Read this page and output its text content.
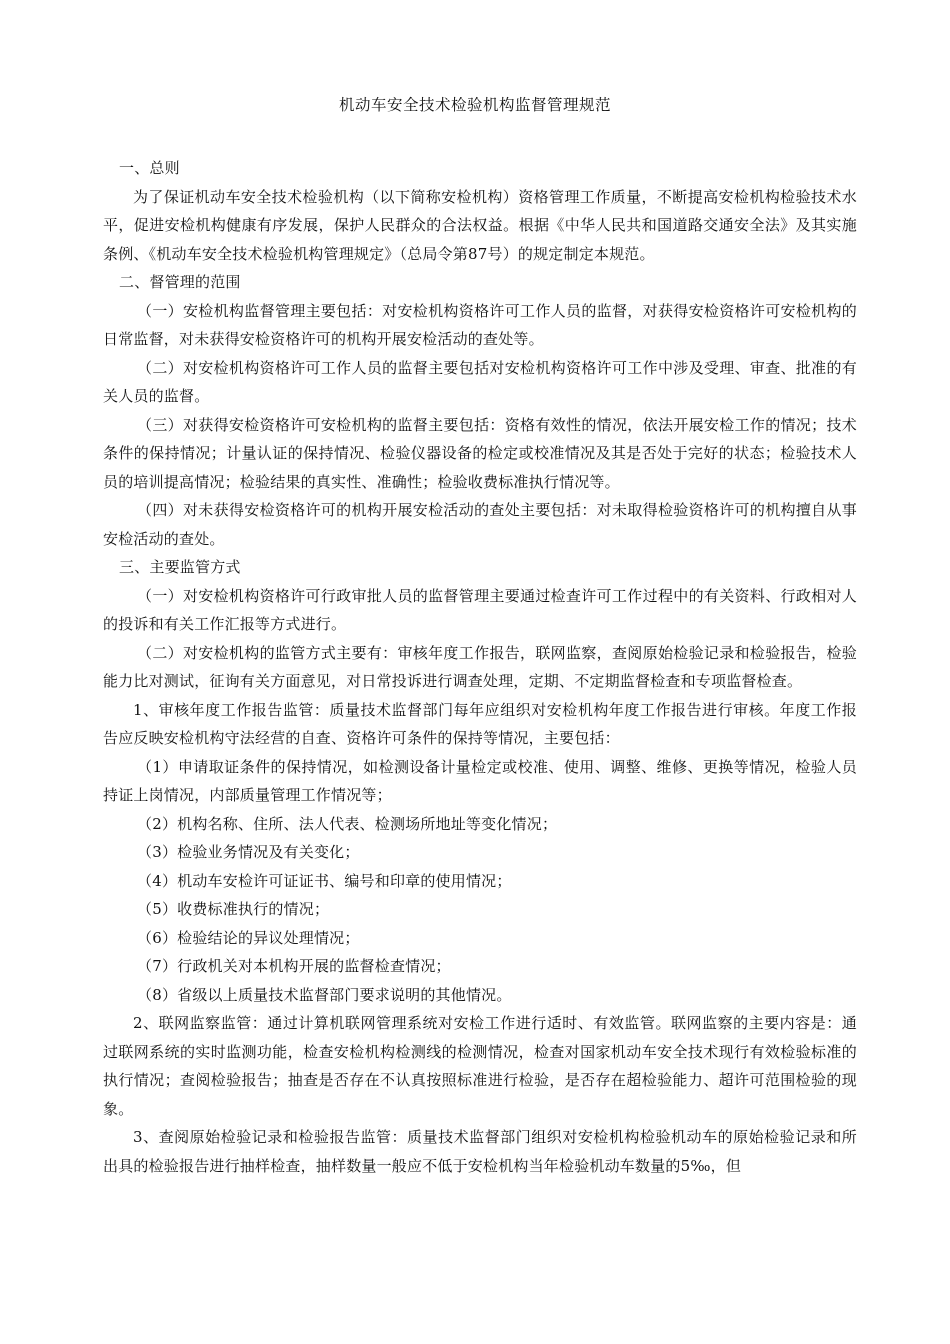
机动车安全技术检验机构监督管理规范

一、总则

为了保证机动车安全技术检验机构（以下简称安检机构）资格管理工作质量，不断提高安检机构检验技术水平，促进安检机构健康有序发展，保护人民群众的合法权益。根据《中华人民共和国道路交通安全法》及其实施条例、《机动车安全技术检验机构管理规定》（总局令第87号）的规定制定本规范。

二、督管理的范围

（一）安检机构监督管理主要包括：对安检机构资格许可工作人员的监督，对获得安检资格许可安检机构的日常监督，对未获得安检资格许可的机构开展安检活动的查处等。

（二）对安检机构资格许可工作人员的监督主要包括对安检机构资格许可工作中涉及受理、审查、批准的有关人员的监督。

（三）对获得安检资格许可安检机构的监督主要包括：资格有效性的情况，依法开展安检工作的情况；技术条件的保持情况；计量认证的保持情况、检验仪器设备的检定或校准情况及其是否处于完好的状态；检验技术人员的培训提高情况；检验结果的真实性、准确性；检验收费标准执行情况等。

（四）对未获得安检资格许可的机构开展安检活动的查处主要包括：对未取得检验资格许可的机构擅自从事安检活动的查处。

三、主要监管方式

（一）对安检机构资格许可行政审批人员的监督管理主要通过检查许可工作过程中的有关资料、行政相对人的投诉和有关工作汇报等方式进行。

（二）对安检机构的监管方式主要有：审核年度工作报告，联网监察，查阅原始检验记录和检验报告，检验能力比对测试，征询有关方面意见，对日常投诉进行调查处理，定期、不定期监督检查和专项监督检查。

1、审核年度工作报告监管：质量技术监督部门每年应组织对安检机构年度工作报告进行审核。年度工作报告应反映安检机构守法经营的自查、资格许可条件的保持等情况，主要包括：

（1）申请取证条件的保持情况，如检测设备计量检定或校准、使用、调整、维修、更换等情况，检验人员持证上岗情况，内部质量管理工作情况等；

（2）机构名称、住所、法人代表、检测场所地址等变化情况；

（3）检验业务情况及有关变化；

（4）机动车安检许可证证书、编号和印章的使用情况；

（5）收费标准执行的情况；

（6）检验结论的异议处理情况；

（7）行政机关对本机构开展的监督检查情况；

（8）省级以上质量技术监督部门要求说明的其他情况。

2、联网监察监管：通过计算机联网管理系统对安检工作进行适时、有效监管。联网监察的主要内容是：通过联网系统的实时监测功能，检查安检机构检测线的检测情况，检查对国家机动车安全技术现行有效检验标准的执行情况；查阅检验报告；抽查是否存在不认真按照标准进行检验，是否存在超检验能力、超许可范围检验的现象。

3、查阅原始检验记录和检验报告监管：质量技术监督部门组织对安检机构检验机动车的原始检验记录和所出具的检验报告进行抽样检查，抽样数量一般应不低于安检机构当年检验机动车数量的5‰，但
